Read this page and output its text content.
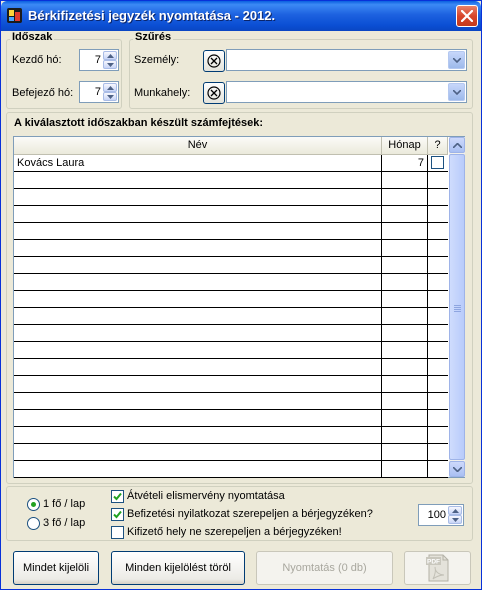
Bérkifizetési jegyzék nyomtatása - 2012.
Időszak
Kezdő hó:	7
Befejező hó: 7
Szűrés
Személy:
Munkahely:
A kiválasztott időszakban készült számfejtések:
Név	Hónap	?
Kovács Laura	7
1 fő / lap
3 fő / lap
Átvételi elismervény nyomtatása
Befizetési nyilatkozat szerepeljen a bérjegyzéken?
Kifizető hely ne szerepeljen a bérjegyzéken!
100
Mindet kijelöli	Minden kijelölést töröl	Nyomtatás (0 db)	PDF
